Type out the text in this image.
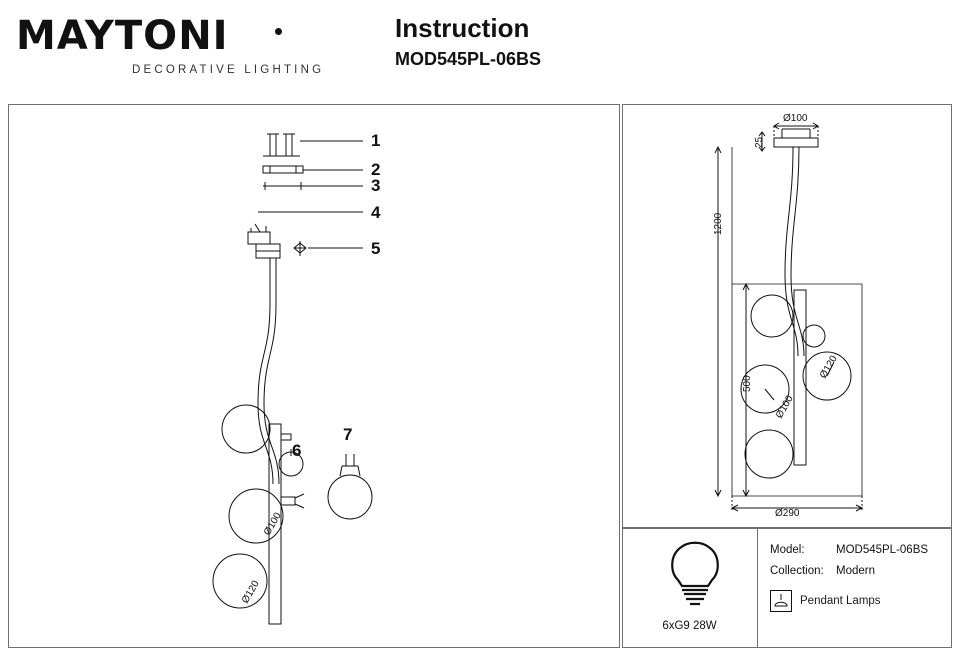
MAYTONI
DECORATIVE LIGHTING
Instruction
MOD545PL-06BS
1
2
3
4
5
6
7
Ø100
Ø120
Ø100
25
1200
500
Ø290
Ø120
Ø100
6xG9 28W
Model:	MOD545PL-06BS
Collection:	Modern
Pendant Lamps
